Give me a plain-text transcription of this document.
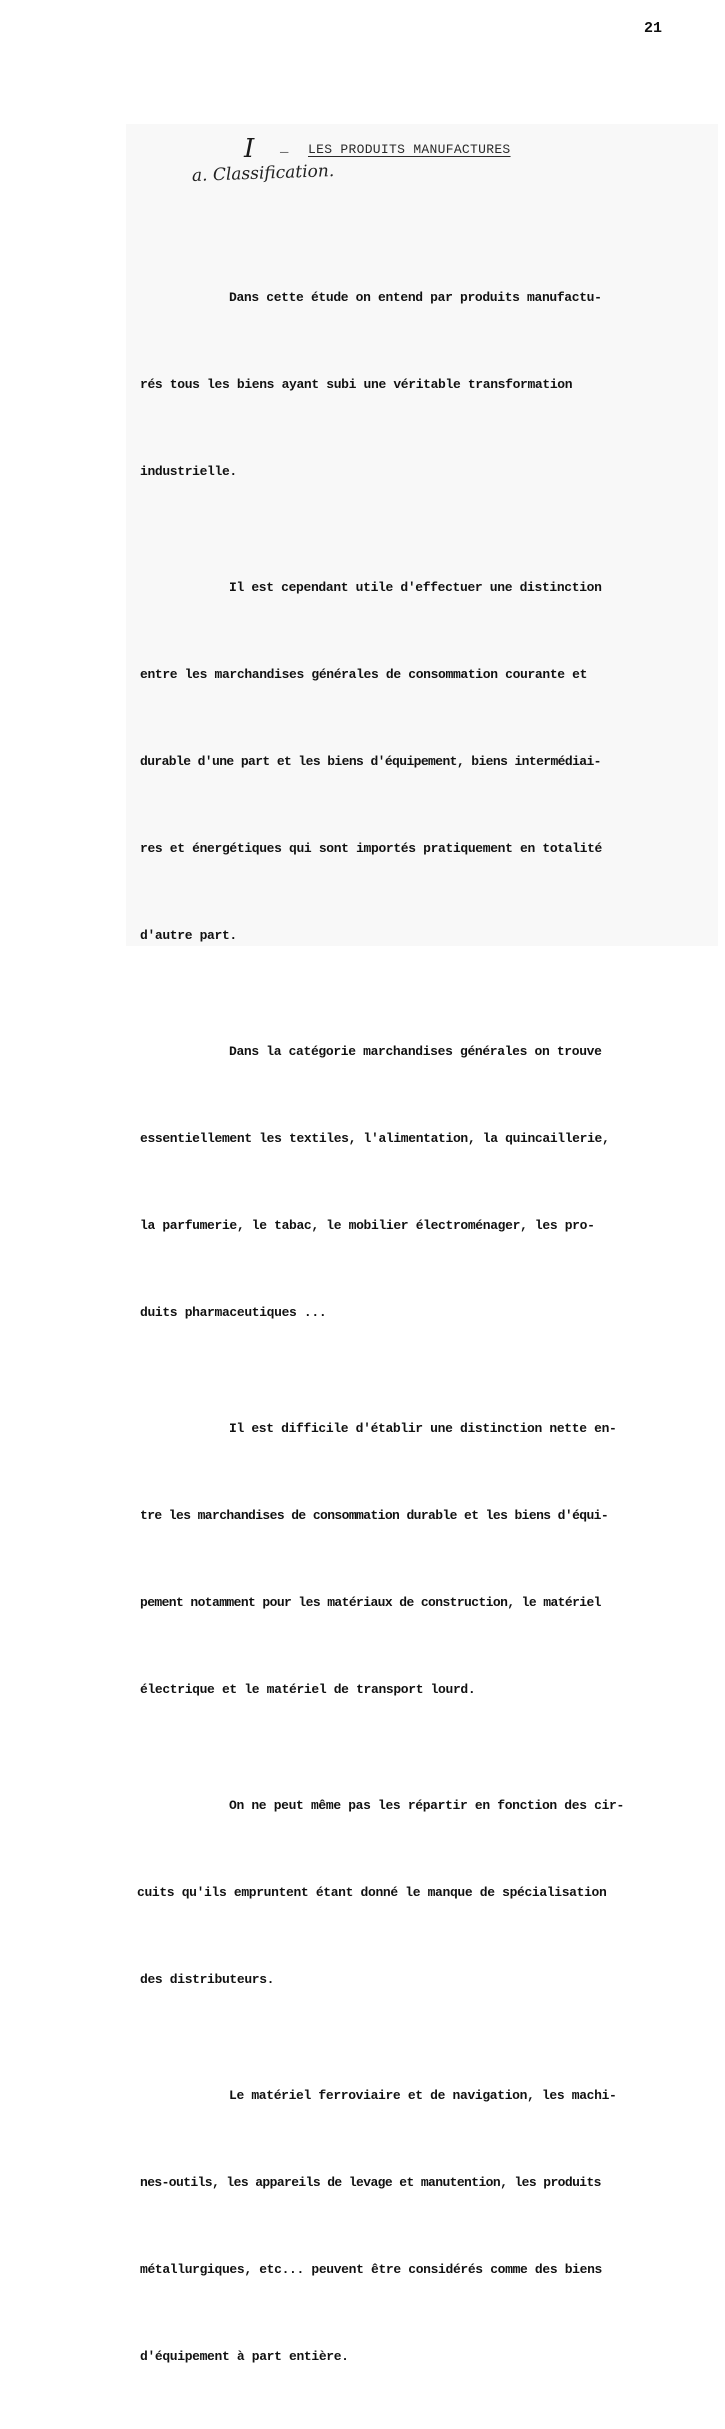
21
I _ LES PRODUITS MANUFACTURES
a. Classification.

Dans cette étude on entend par produits manufactu-

rés tous les biens ayant subi une véritable transformation

industrielle.

Il est cependant utile d'effectuer une distinction

entre les marchandises générales de consommation courante et

durable d'une part et les biens d'équipement, biens intermédiai-

res et énergétiques qui sont importés pratiquement en totalité

d'autre part.

Dans la catégorie marchandises générales on trouve

essentiellement les textiles, l'alimentation, la quincaillerie,

la parfumerie, le tabac, le mobilier électroménager, les pro-

duits pharmaceutiques ...

Il est difficile d'établir une distinction nette en-

tre les marchandises de consommation durable et les biens d'équi-

pement notamment pour les matériaux de construction, le matériel

électrique et le matériel de transport lourd.

On ne peut même pas les répartir en fonction des cir-

cuits qu'ils empruntent étant donné le manque de spécialisation

des distributeurs.

Le matériel ferroviaire et de navigation, les machi-

nes-outils, les appareils de levage et manutention, les produits

métallurgiques, etc... peuvent être considérés comme des biens

d'équipement à part entière.
